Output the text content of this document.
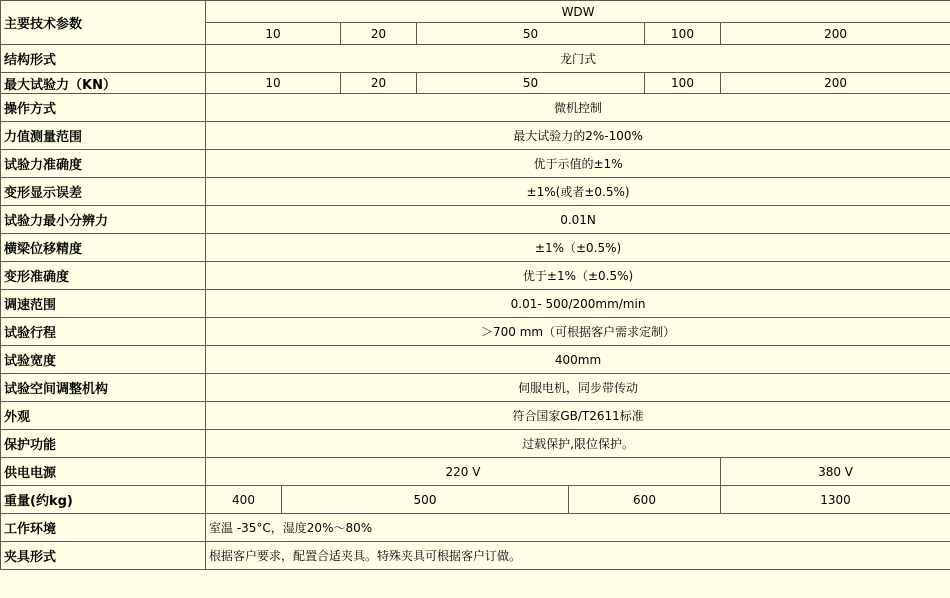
主要技术参数	WDW							
	10		20	50		100	200	
结构形式	龙门式							
最大试验力（KN）	10		20	50		100	200	
操作方式	微机控制							
力值测量范围	最大试验力的2%-100%							
试验力准确度	优于示值的±1%							
变形显示误差	±1%(或者±0.5%)							
试验力最小分辨力	0.01N							
横梁位移精度	±1%（±0.5%)							
变形准确度	优于±1%（±0.5%)							
调速范围	0.01- 500/200mm/min							
试验行程	＞700 mm（可根据客户需求定制）							
试验宽度	400mm							
试验空间调整机构	伺服电机，同步带传动							
外观	符合国家GB/T2611标准							
保护功能	过载保护,限位保护。							
供电电源	220 V						380 V	
重量(约kg)	400	500			600		1300	
工作环境	室温 -35°C，湿度20%～80%							
夹具形式	根据客户要求，配置合适夹具。特殊夹具可根据客户订做。							
